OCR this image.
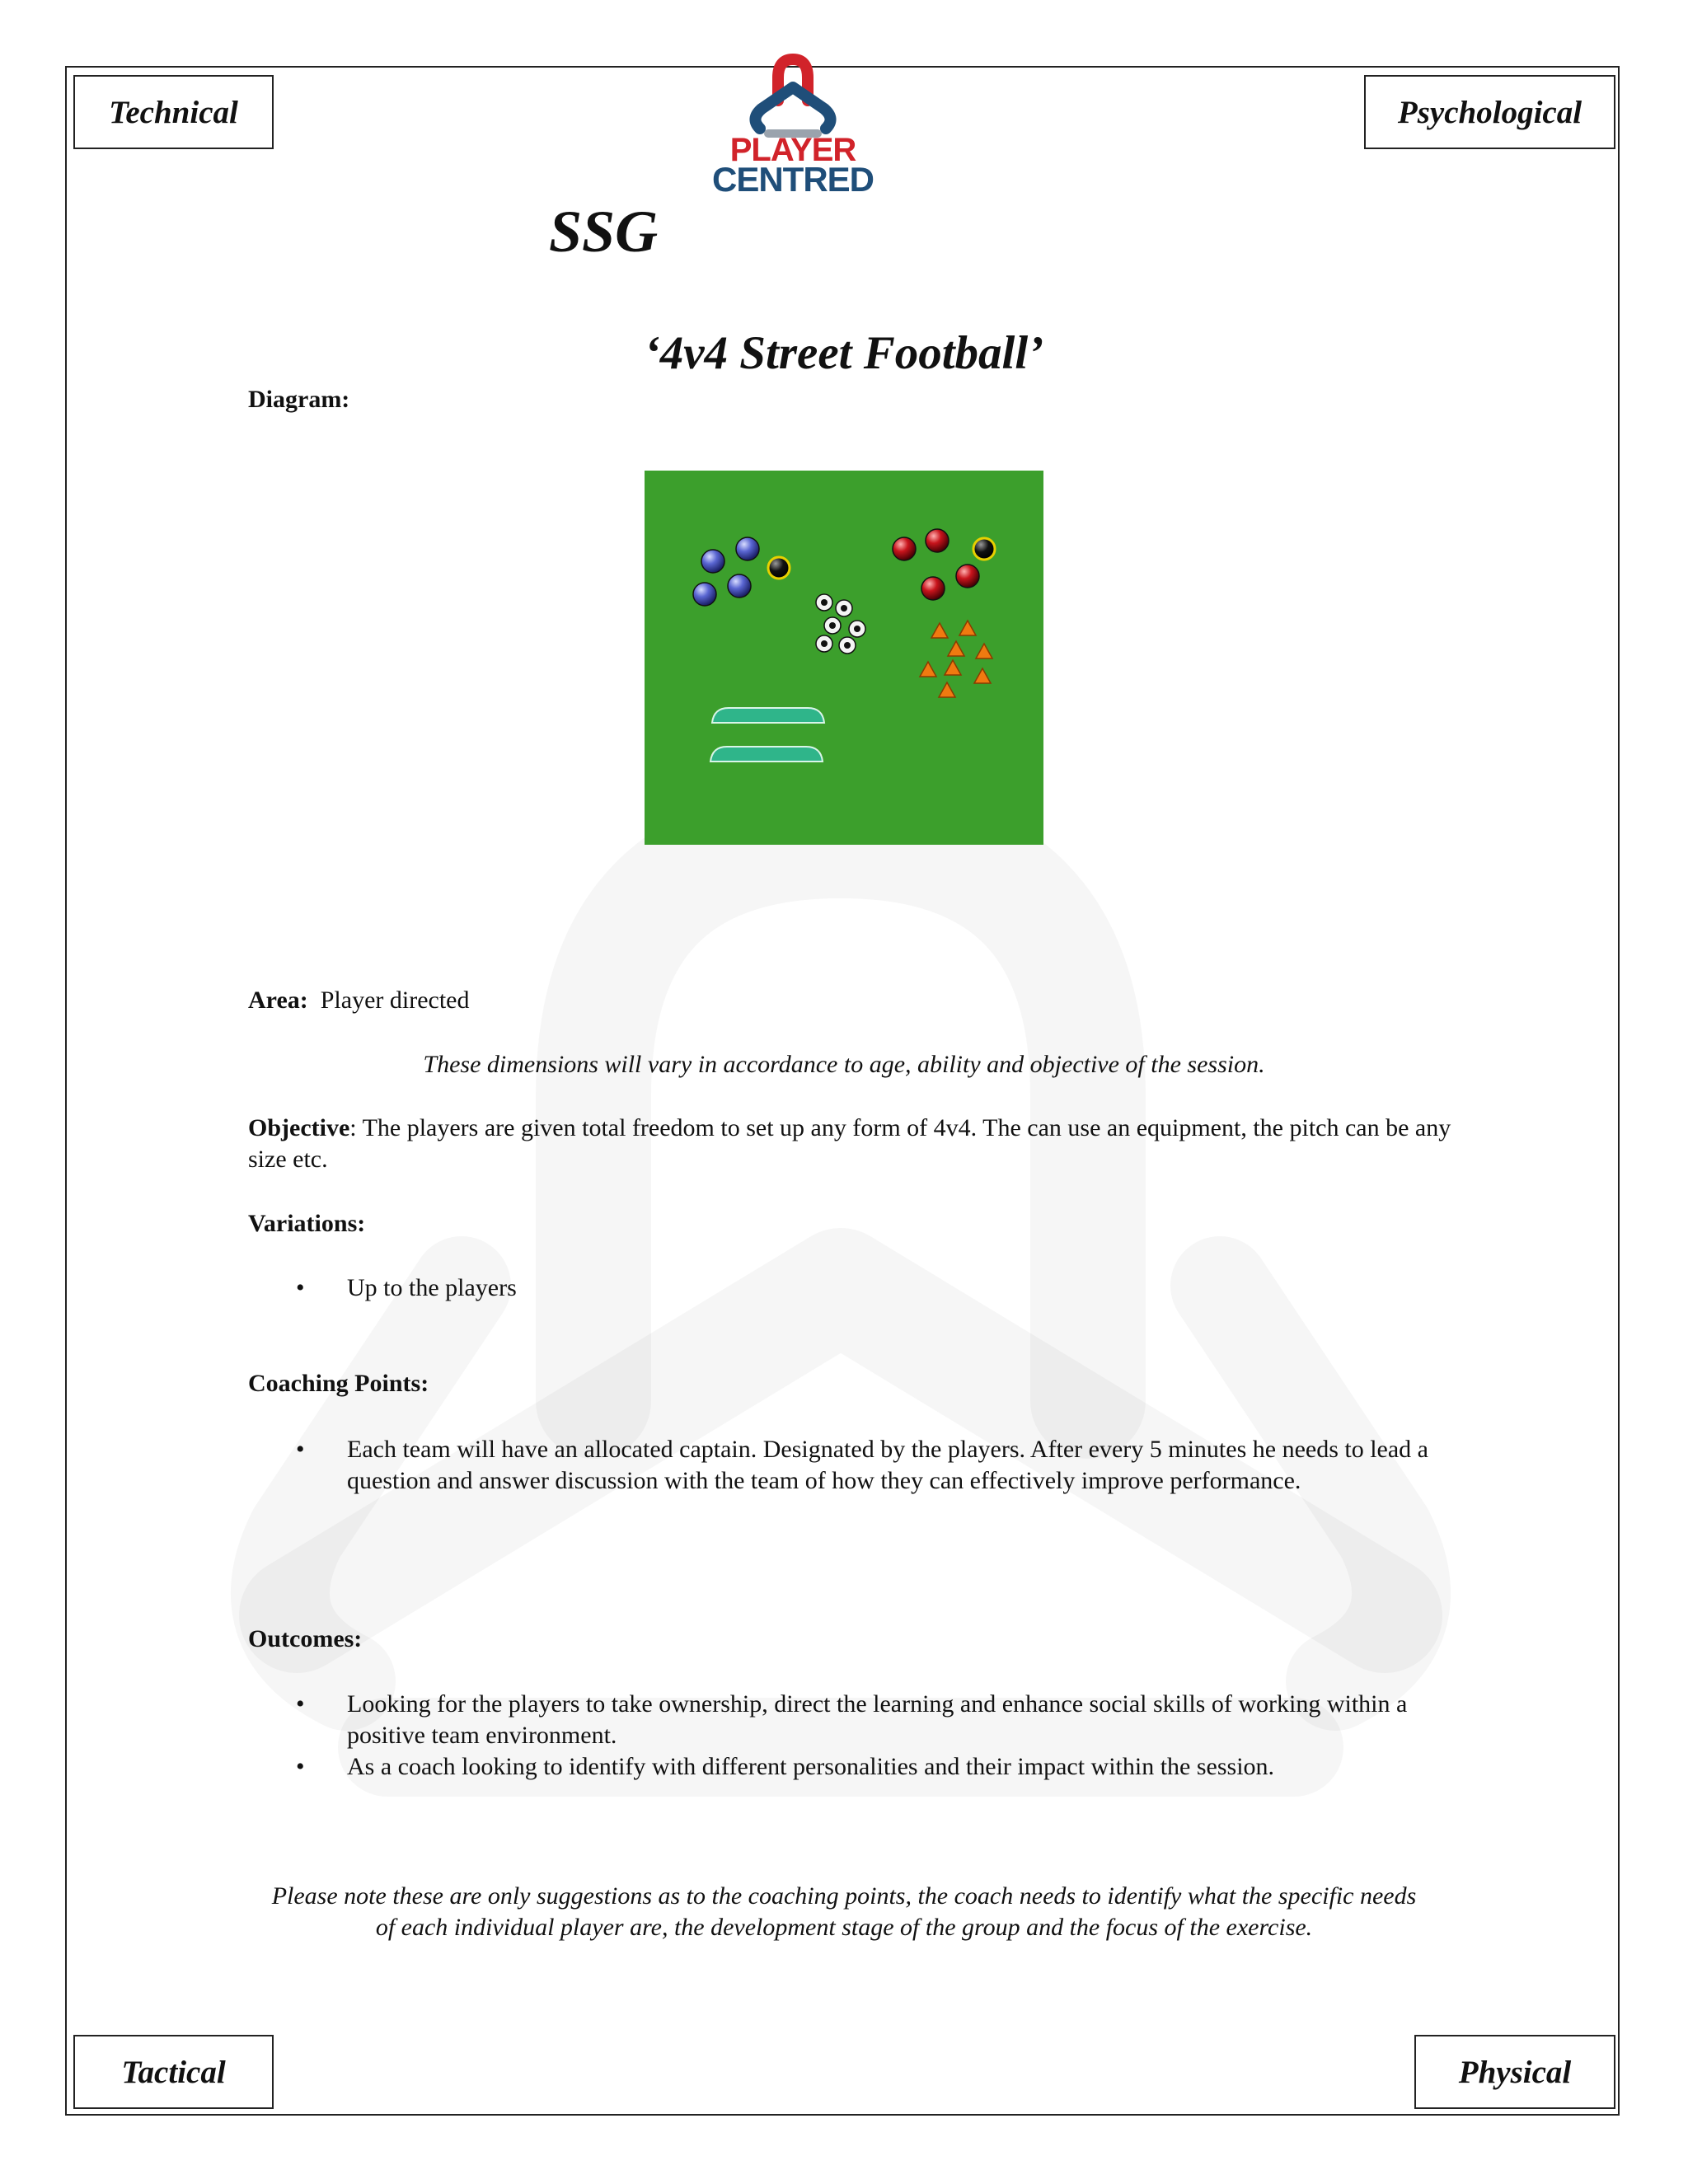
Technical	Psychological
Tactical	Physical
PLAYER
CENTRED
SSG
‘4v4 Street Football’
Diagram:
Area: Player directed
These dimensions will vary in accordance to age, ability and objective of the session.
Objective: The players are given total freedom to set up any form of 4v4. The can use an equipment, the pitch can be any size etc.
Variations:
• Up to the players
Coaching Points:
• Each team will have an allocated captain. Designated by the players. After every 5 minutes he needs to lead a question and answer discussion with the team of how they can effectively improve performance.
Outcomes:
• Looking for the players to take ownership, direct the learning and enhance social skills of working within a positive team environment.
• As a coach looking to identify with different personalities and their impact within the session.
Please note these are only suggestions as to the coaching points, the coach needs to identify what the specific needs of each individual player are, the development stage of the group and the focus of the exercise.
